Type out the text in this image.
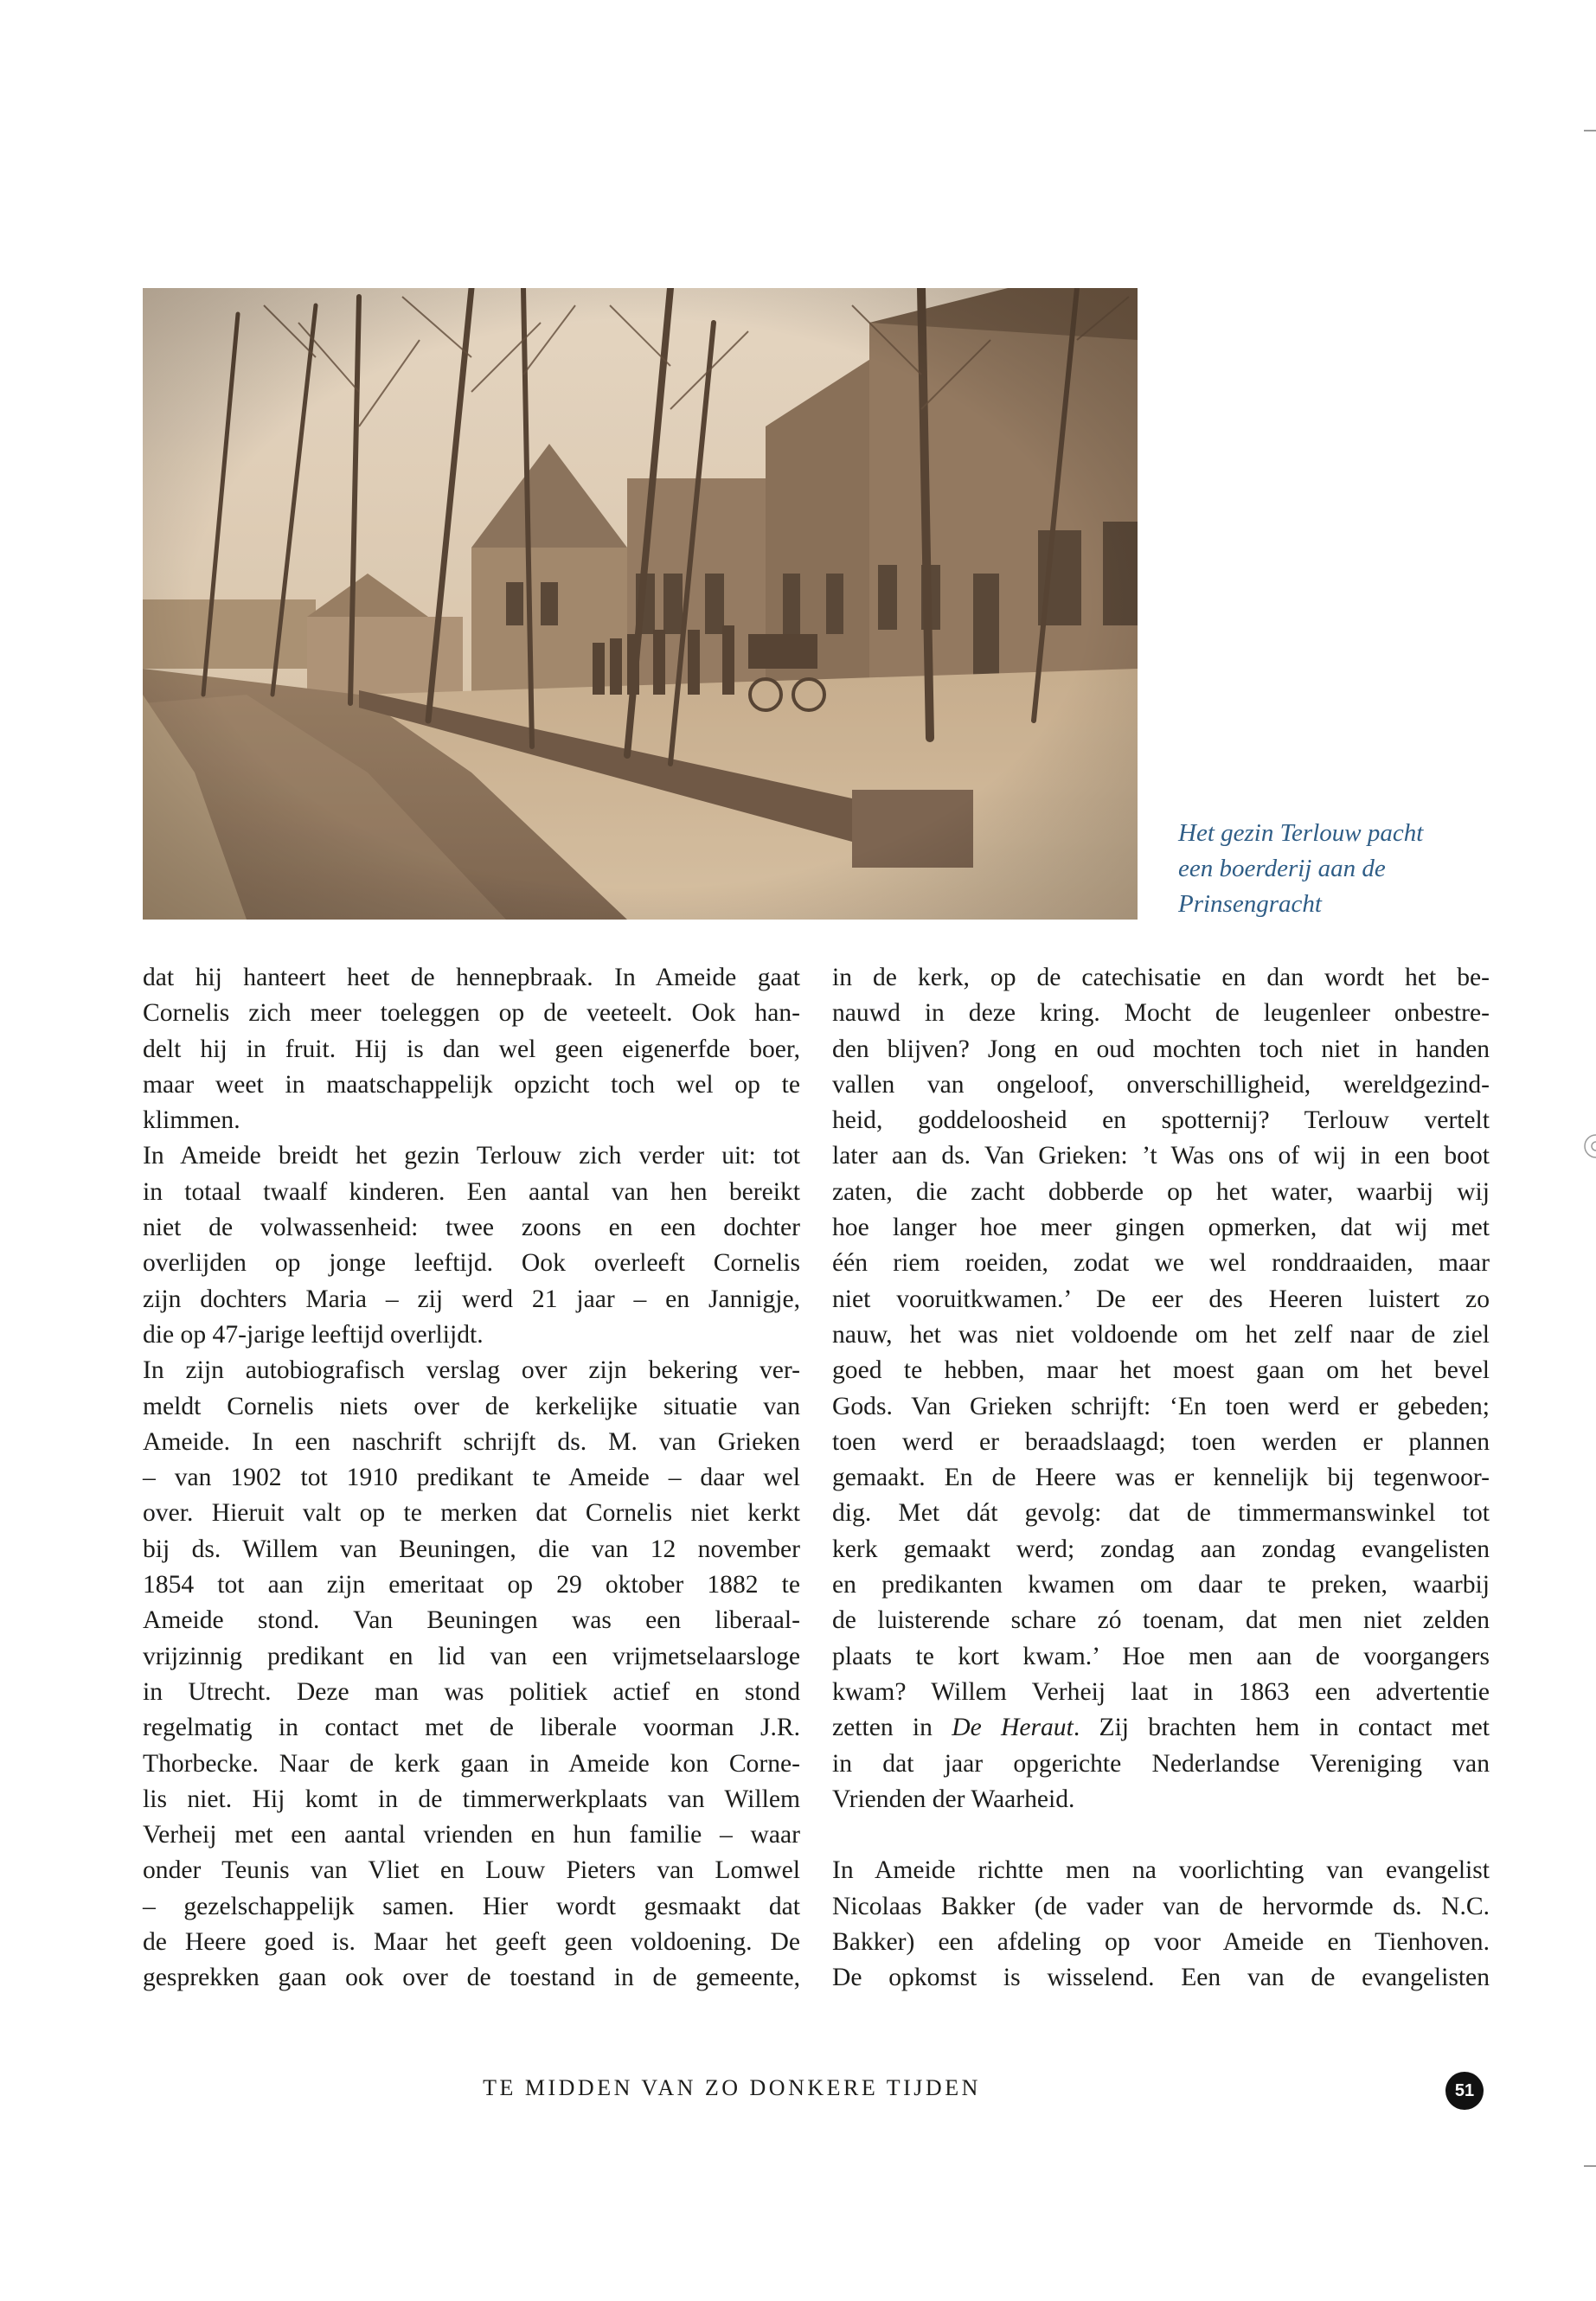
Het gezin Terlouw pacht
een boerderij aan de
Prinsengracht
dat hij hanteert heet de hennepbraak. In Ameide gaat
Cornelis zich meer toeleggen op de veeteelt. Ook han-
delt hij in fruit. Hij is dan wel geen eigenerfde boer,
maar weet in maatschappelijk opzicht toch wel op te
klimmen.
In Ameide breidt het gezin Terlouw zich verder uit: tot
in totaal twaalf kinderen. Een aantal van hen bereikt
niet de volwassenheid: twee zoons en een dochter
overlijden op jonge leeftijd. Ook overleeft Cornelis
zijn dochters Maria – zij werd 21 jaar – en Jannigje,
die op 47-jarige leeftijd overlijdt.
In zijn autobiografisch verslag over zijn bekering ver-
meldt Cornelis niets over de kerkelijke situatie van
Ameide. In een naschrift schrijft ds. M. van Grieken
– van 1902 tot 1910 predikant te Ameide – daar wel
over. Hieruit valt op te merken dat Cornelis niet kerkt
bij ds. Willem van Beuningen, die van 12 november
1854 tot aan zijn emeritaat op 29 oktober 1882 te
Ameide stond. Van Beuningen was een liberaal-
vrijzinnig predikant en lid van een vrijmetselaarsloge
in Utrecht. Deze man was politiek actief en stond
regelmatig in contact met de liberale voorman J.R.
Thorbecke. Naar de kerk gaan in Ameide kon Corne-
lis niet. Hij komt in de timmerwerkplaats van Willem
Verheij met een aantal vrienden en hun familie – waar
onder Teunis van Vliet en Louw Pieters van Lomwel
– gezelschappelijk samen. Hier wordt gesmaakt dat
de Heere goed is. Maar het geeft geen voldoening. De
gesprekken gaan ook over de toestand in de gemeente,
in de kerk, op de catechisatie en dan wordt het be-
nauwd in deze kring. Mocht de leugenleer onbestre-
den blijven? Jong en oud mochten toch niet in handen
vallen van ongeloof, onverschilligheid, wereldgezind-
heid, goddeloosheid en spotternij? Terlouw vertelt
later aan ds. Van Grieken: ’t Was ons of wij in een boot
zaten, die zacht dobberde op het water, waarbij wij
hoe langer hoe meer gingen opmerken, dat wij met
één riem roeiden, zodat we wel ronddraaiden, maar
niet vooruitkwamen.’ De eer des Heeren luistert zo
nauw, het was niet voldoende om het zelf naar de ziel
goed te hebben, maar het moest gaan om het bevel
Gods. Van Grieken schrijft: ‘En toen werd er gebeden;
toen werd er beraadslaagd; toen werden er plannen
gemaakt. En de Heere was er kennelijk bij tegenwoor-
dig. Met dát gevolg: dat de timmermanswinkel tot
kerk gemaakt werd; zondag aan zondag evangelisten
en predikanten kwamen om daar te preken, waarbij
de luisterende schare zó toenam, dat men niet zelden
plaats te kort kwam.’ Hoe men aan de voorgangers
kwam? Willem Verheij laat in 1863 een advertentie
zetten in De Heraut. Zij brachten hem in contact met
in dat jaar opgerichte Nederlandse Vereniging van
Vrienden der Waarheid.
In Ameide richtte men na voorlichting van evangelist
Nicolaas Bakker (de vader van de hervormde ds. N.C.
Bakker) een afdeling op voor Ameide en Tienhoven.
De opkomst is wisselend. Een van de evangelisten
TE MIDDEN VAN ZO DONKERE TIJDEN	51
